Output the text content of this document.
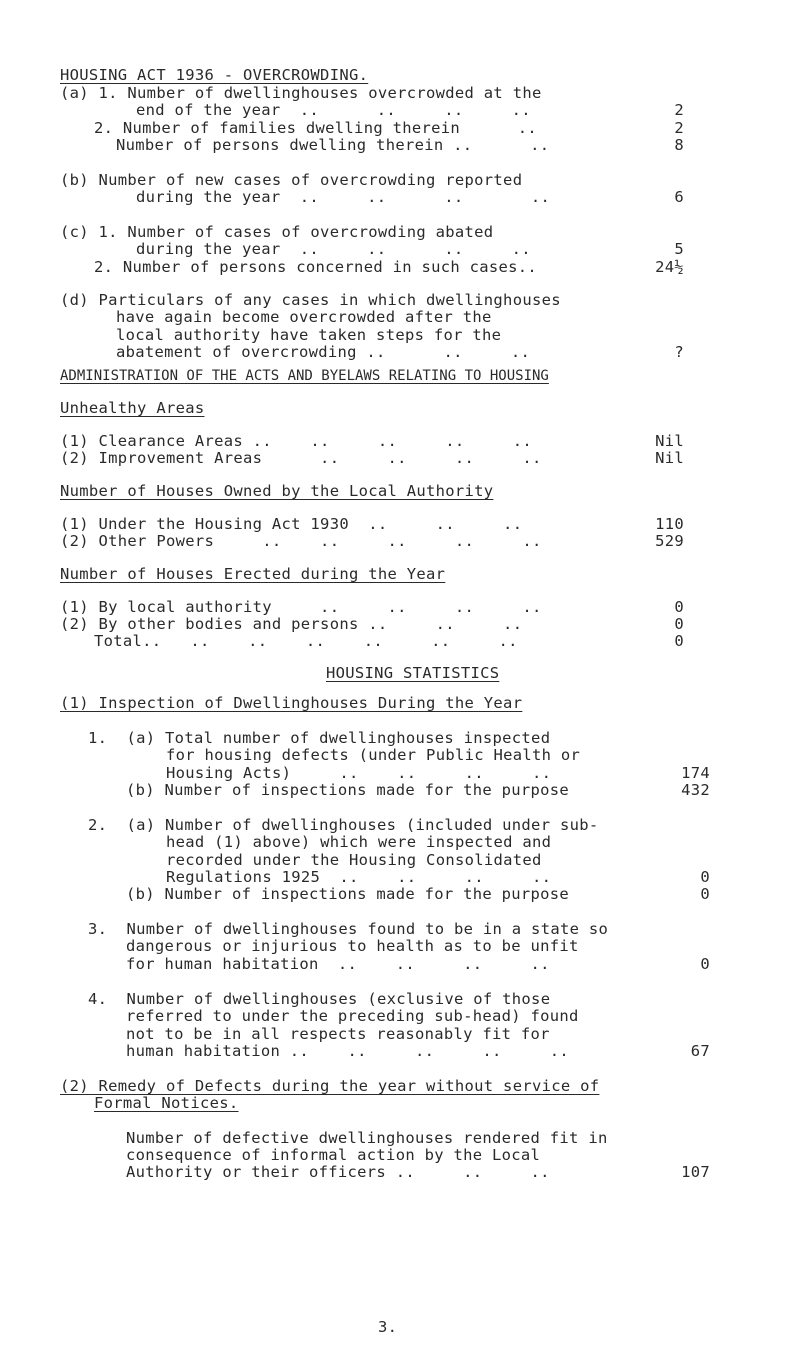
HOUSING ACT 1936 - OVERCROWDING.
(a) 1. Number of dwellinghouses overcrowded at the
end of the year  ..      ..     ..     ..
2. Number of families dwelling therein      ..
Number of persons dwelling therein ..      ..
(b) Number of new cases of overcrowding reported
during the year  ..     ..      ..       ..
(c) 1. Number of cases of overcrowding abated
during the year  ..     ..      ..     ..
2. Number of persons concerned in such cases..
(d) Particulars of any cases in which dwellinghouses
have again become overcrowded after the
local authority have taken steps for the
abatement of overcrowding ..      ..     ..
2
2
8
6
5
24½
?
ADMINISTRATION OF THE ACTS AND BYELAWS RELATING TO HOUSING
Unhealthy Areas
(1) Clearance Areas ..    ..     ..     ..     ..
(2) Improvement Areas      ..     ..     ..     ..
Number of Houses Owned by the Local Authority
(1) Under the Housing Act 1930  ..     ..     ..
(2) Other Powers     ..    ..     ..     ..     ..
Number of Houses Erected during the Year
(1) By local authority     ..     ..     ..     ..
(2) By other bodies and persons ..     ..     ..
Total..   ..    ..    ..    ..     ..     ..
Nil
Nil
110
529
0
0
0
HOUSING STATISTICS
(1) Inspection of Dwellinghouses During the Year
1.  (a) Total number of dwellinghouses inspected
for housing defects (under Public Health or
Housing Acts)     ..    ..     ..     ..
(b) Number of inspections made for the purpose
2.  (a) Number of dwellinghouses (included under sub-
head (1) above) which were inspected and
recorded under the Housing Consolidated
Regulations 1925  ..    ..     ..     ..
(b) Number of inspections made for the purpose
3.  Number of dwellinghouses found to be in a state so
dangerous or injurious to health as to be unfit
for human habitation  ..    ..     ..     ..
4.  Number of dwellinghouses (exclusive of those
referred to under the preceding sub-head) found
not to be in all respects reasonably fit for
human habitation ..    ..     ..     ..     ..
(2) Remedy of Defects during the year without service of
Formal Notices.
Number of defective dwellinghouses rendered fit in
consequence of informal action by the Local
Authority or their officers ..     ..     ..
174
432
0
0
0
67
107
3.
